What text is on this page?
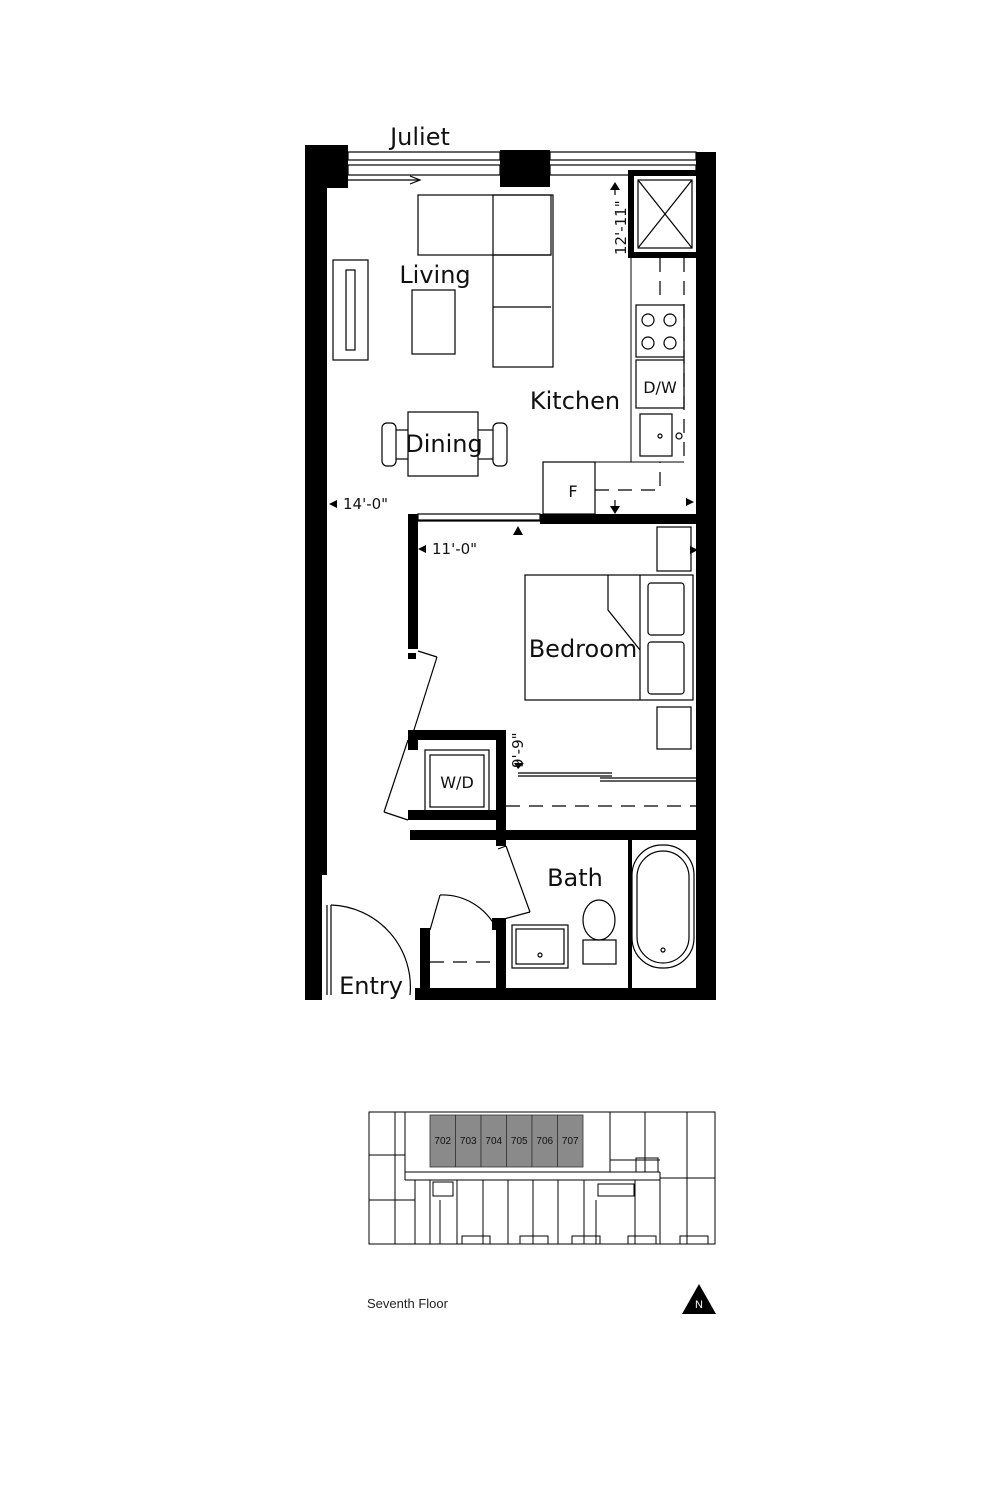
Juliet
Living
Kitchen
Dining
Bedroom
Bath
Entry
D/W
F
W/D
14'-0"
11'-0"
12'-11"
9'-9"
702 703 704 705 706 707
Seventh Floor	N
